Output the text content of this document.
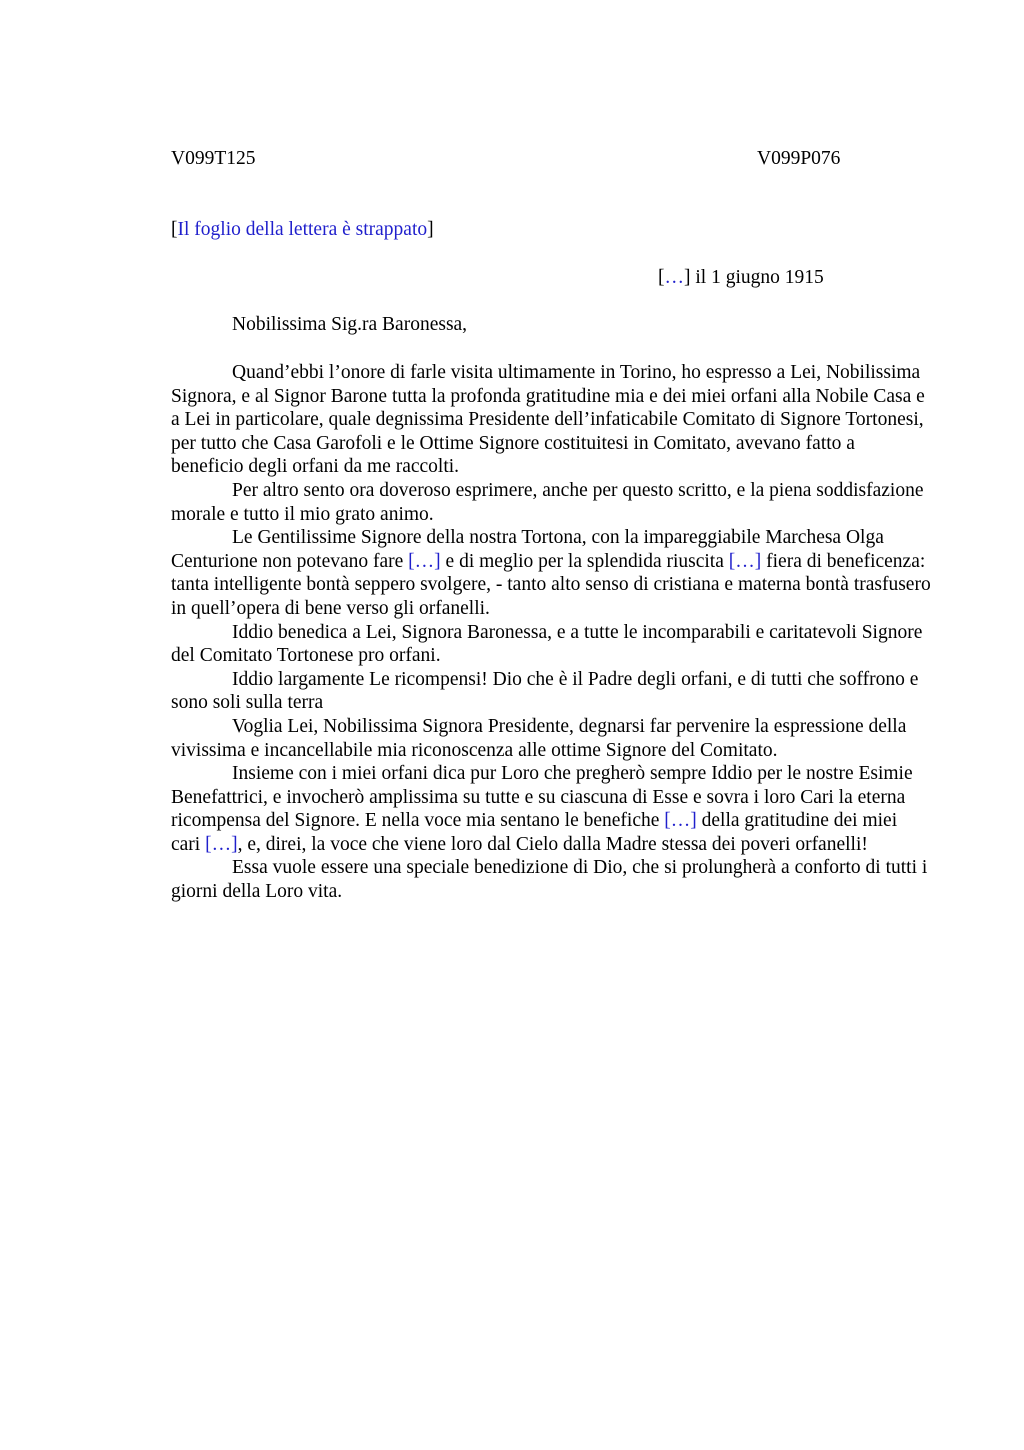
V099T125	V099P076
[Il foglio della lettera è strappato]
[…] il 1 giugno 1915
Nobilissima Sig.ra Baronessa,

Quand’ebbi l’onore di farle visita ultimamente in Torino, ho espresso a Lei, Nobilissima Signora, e al Signor Barone tutta la profonda gratitudine mia e dei miei orfani alla Nobile Casa e a Lei in particolare, quale degnissima Presidente dell’infaticabile Comitato di Signore Tortonesi, per tutto che Casa Garofoli e le Ottime Signore costituitesi in Comitato, avevano fatto a beneficio degli orfani da me raccolti.

Per altro sento ora doveroso esprimere, anche per questo scritto, e la piena soddisfazione morale e tutto il mio grato animo.

Le Gentilissime Signore della nostra Tortona, con la impareggiabile Marchesa Olga Centurione non potevano fare […] e di meglio per la splendida riuscita […] fiera di beneficenza: tanta intelligente bontà seppero svolgere, - tanto alto senso di cristiana e materna bontà trasfusero in quell’opera di bene verso gli orfanelli.

Iddio benedica a Lei, Signora Baronessa, e a tutte le incomparabili e caritatevoli Signore del Comitato Tortonese pro orfani.

Iddio largamente Le ricompensi! Dio che è il Padre degli orfani, e di tutti che soffrono e sono soli sulla terra

Voglia Lei, Nobilissima Signora Presidente, degnarsi far pervenire la espressione della vivissima e incancellabile mia riconoscenza alle ottime Signore del Comitato.

Insieme con i miei orfani dica pur Loro che pregherò sempre Iddio per le nostre Esimie Benefattrici, e invocherò amplissima su tutte e su ciascuna di Esse e sovra i loro Cari la eterna ricompensa del Signore. E nella voce mia sentano le benefiche […] della gratitudine dei miei cari […], e, direi, la voce che viene loro dal Cielo dalla Madre stessa dei poveri orfanelli!

Essa vuole essere una speciale benedizione di Dio, che si prolungherà a conforto di tutti i giorni della Loro vita.
